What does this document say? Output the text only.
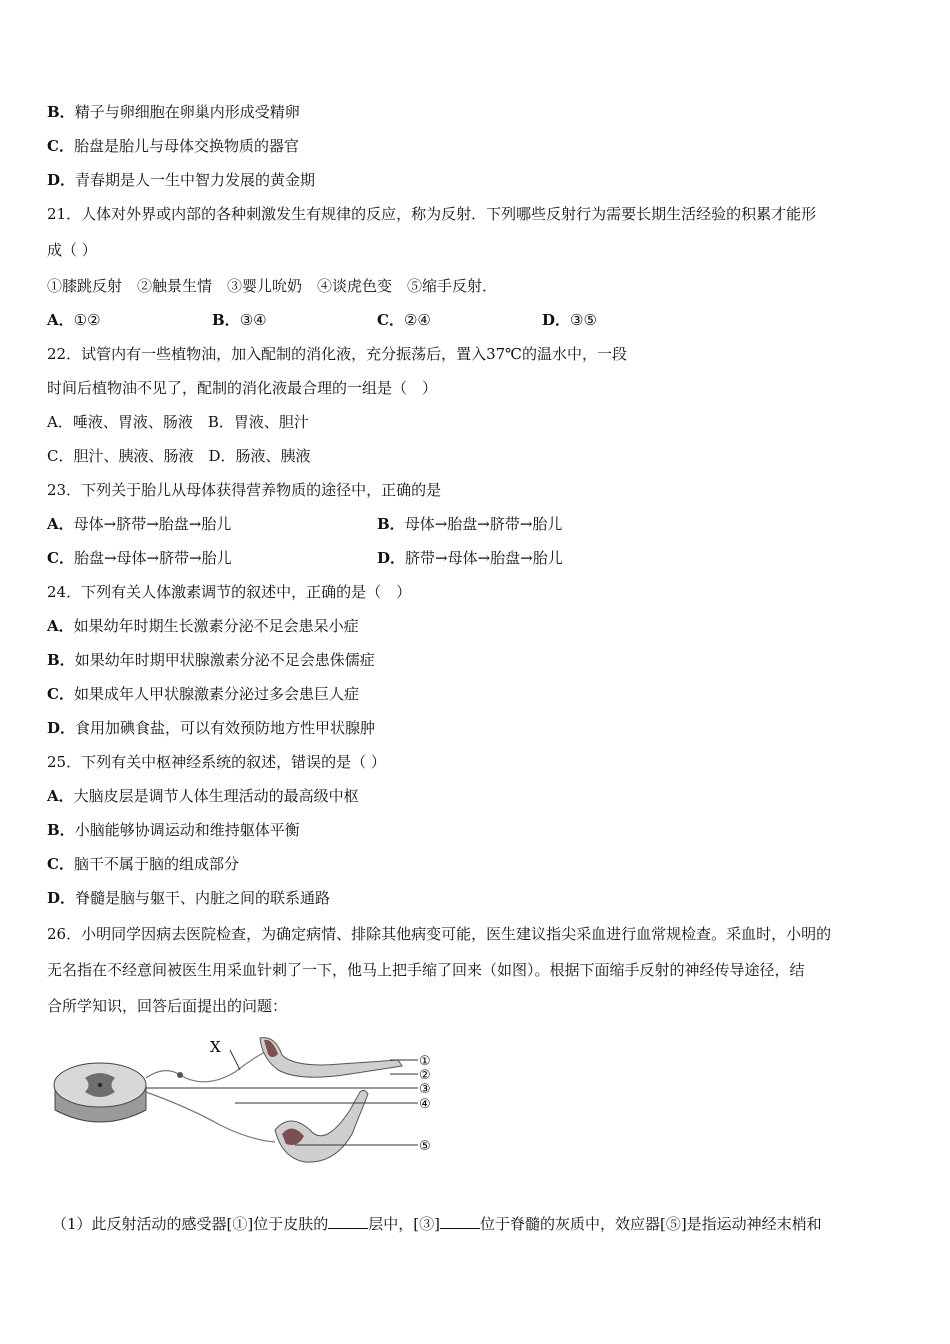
B．精子与卵细胞在卵巢内形成受精卵
C．胎盘是胎儿与母体交换物质的器官
D．青春期是人一生中智力发展的黄金期
21．人体对外界或内部的各种刺激发生有规律的反应，称为反射．下列哪些反射行为需要长期生活经验的积累才能形
成（ ）
①膝跳反射　②触景生情　③婴儿吮奶　④谈虎色变　⑤缩手反射．
A．①②	B．③④	C．②④	D．③⑤
22．试管内有一些植物油，加入配制的消化液，充分振荡后，置入37℃的温水中，一段
时间后植物油不见了，配制的消化液最合理的一组是（　）
A．唾液、胃液、肠液　B．胃液、胆汁
C．胆汁、胰液、肠液　D．肠液、胰液
23．下列关于胎儿从母体获得营养物质的途径中，正确的是
A．母体→脐带→胎盘→胎儿	B．母体→胎盘→脐带→胎儿
C．胎盘→母体→脐带→胎儿	D．脐带→母体→胎盘→胎儿
24．下列有关人体激素调节的叙述中，正确的是（　）
A．如果幼年时期生长激素分泌不足会患呆小症
B．如果幼年时期甲状腺激素分泌不足会患侏儒症
C．如果成年人甲状腺激素分泌过多会患巨人症
D．食用加碘食盐，可以有效预防地方性甲状腺肿
25．下列有关中枢神经系统的叙述，错误的是（ ）
A．大脑皮层是调节人体生理活动的最高级中枢
B．小脑能够协调运动和维持躯体平衡
C．脑干不属于脑的组成部分
D．脊髓是脑与躯干、内脏之间的联系通路
26．小明同学因病去医院检查，为确定病情、排除其他病变可能，医生建议指尖采血进行血常规检查。采血时，小明的
无名指在不经意间被医生用采血针刺了一下，他马上把手缩了回来（如图）。根据下面缩手反射的神经传导途径，结
合所学知识，回答后面提出的问题：
X
①
②
③
④
⑤
（1）此反射活动的感受器[①]位于皮肤的	层中，[③]	位于脊髓的灰质中，效应器[⑤]是指运动神经末梢和
